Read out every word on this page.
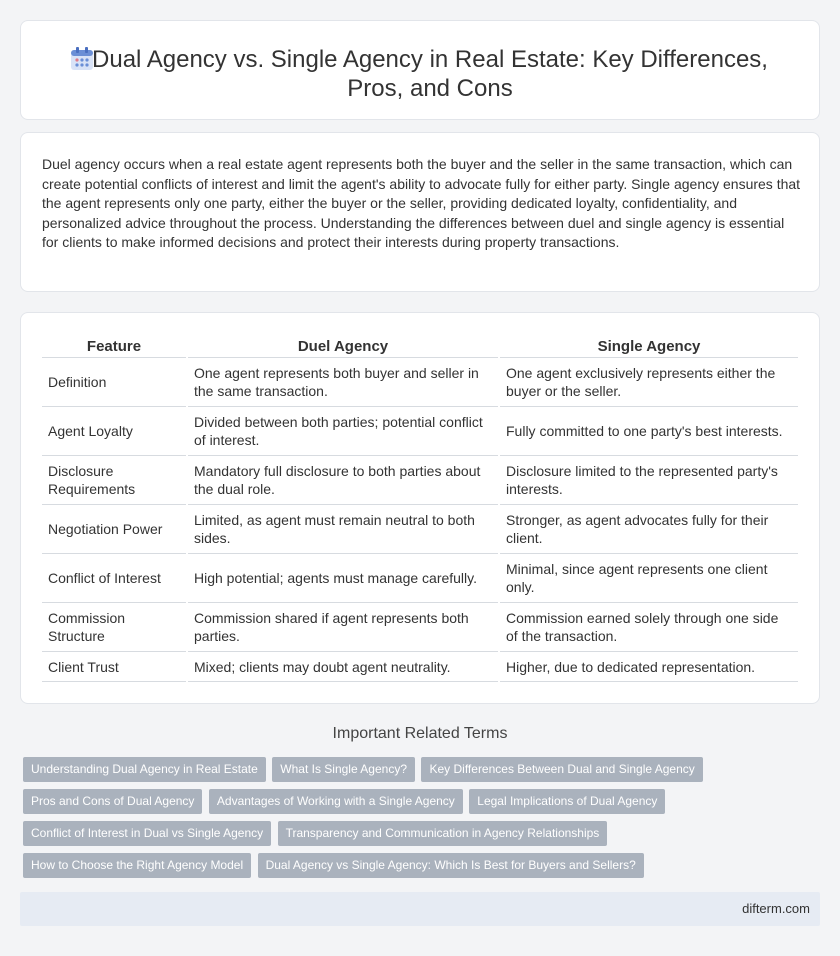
Dual Agency vs. Single Agency in Real Estate: Key Differences, Pros, and Cons

Duel agency occurs when a real estate agent represents both the buyer and the seller in the same transaction, which can create potential conflicts of interest and limit the agent's ability to advocate fully for either party. Single agency ensures that the agent represents only one party, either the buyer or the seller, providing dedicated loyalty, confidentiality, and personalized advice throughout the process. Understanding the differences between duel and single agency is essential for clients to make informed decisions and protect their interests during property transactions.

Feature	Duel Agency	Single Agency
Definition	One agent represents both buyer and seller in the same transaction.	One agent exclusively represents either the buyer or the seller.
Agent Loyalty	Divided between both parties; potential conflict of interest.	Fully committed to one party's best interests.
Disclosure Requirements	Mandatory full disclosure to both parties about the dual role.	Disclosure limited to the represented party's interests.
Negotiation Power	Limited, as agent must remain neutral to both sides.	Stronger, as agent advocates fully for their client.
Conflict of Interest	High potential; agents must manage carefully.	Minimal, since agent represents one client only.
Commission Structure	Commission shared if agent represents both parties.	Commission earned solely through one side of the transaction.
Client Trust	Mixed; clients may doubt agent neutrality.	Higher, due to dedicated representation.
Important Related Terms
Understanding Dual Agency in Real Estate What Is Single Agency? Key Differences Between Dual and Single Agency
Pros and Cons of Dual Agency Advantages of Working with a Single Agency Legal Implications of Dual Agency
Conflict of Interest in Dual vs Single Agency Transparency and Communication in Agency Relationships
How to Choose the Right Agency Model Dual Agency vs Single Agency: Which Is Best for Buyers and Sellers?
difterm.com
